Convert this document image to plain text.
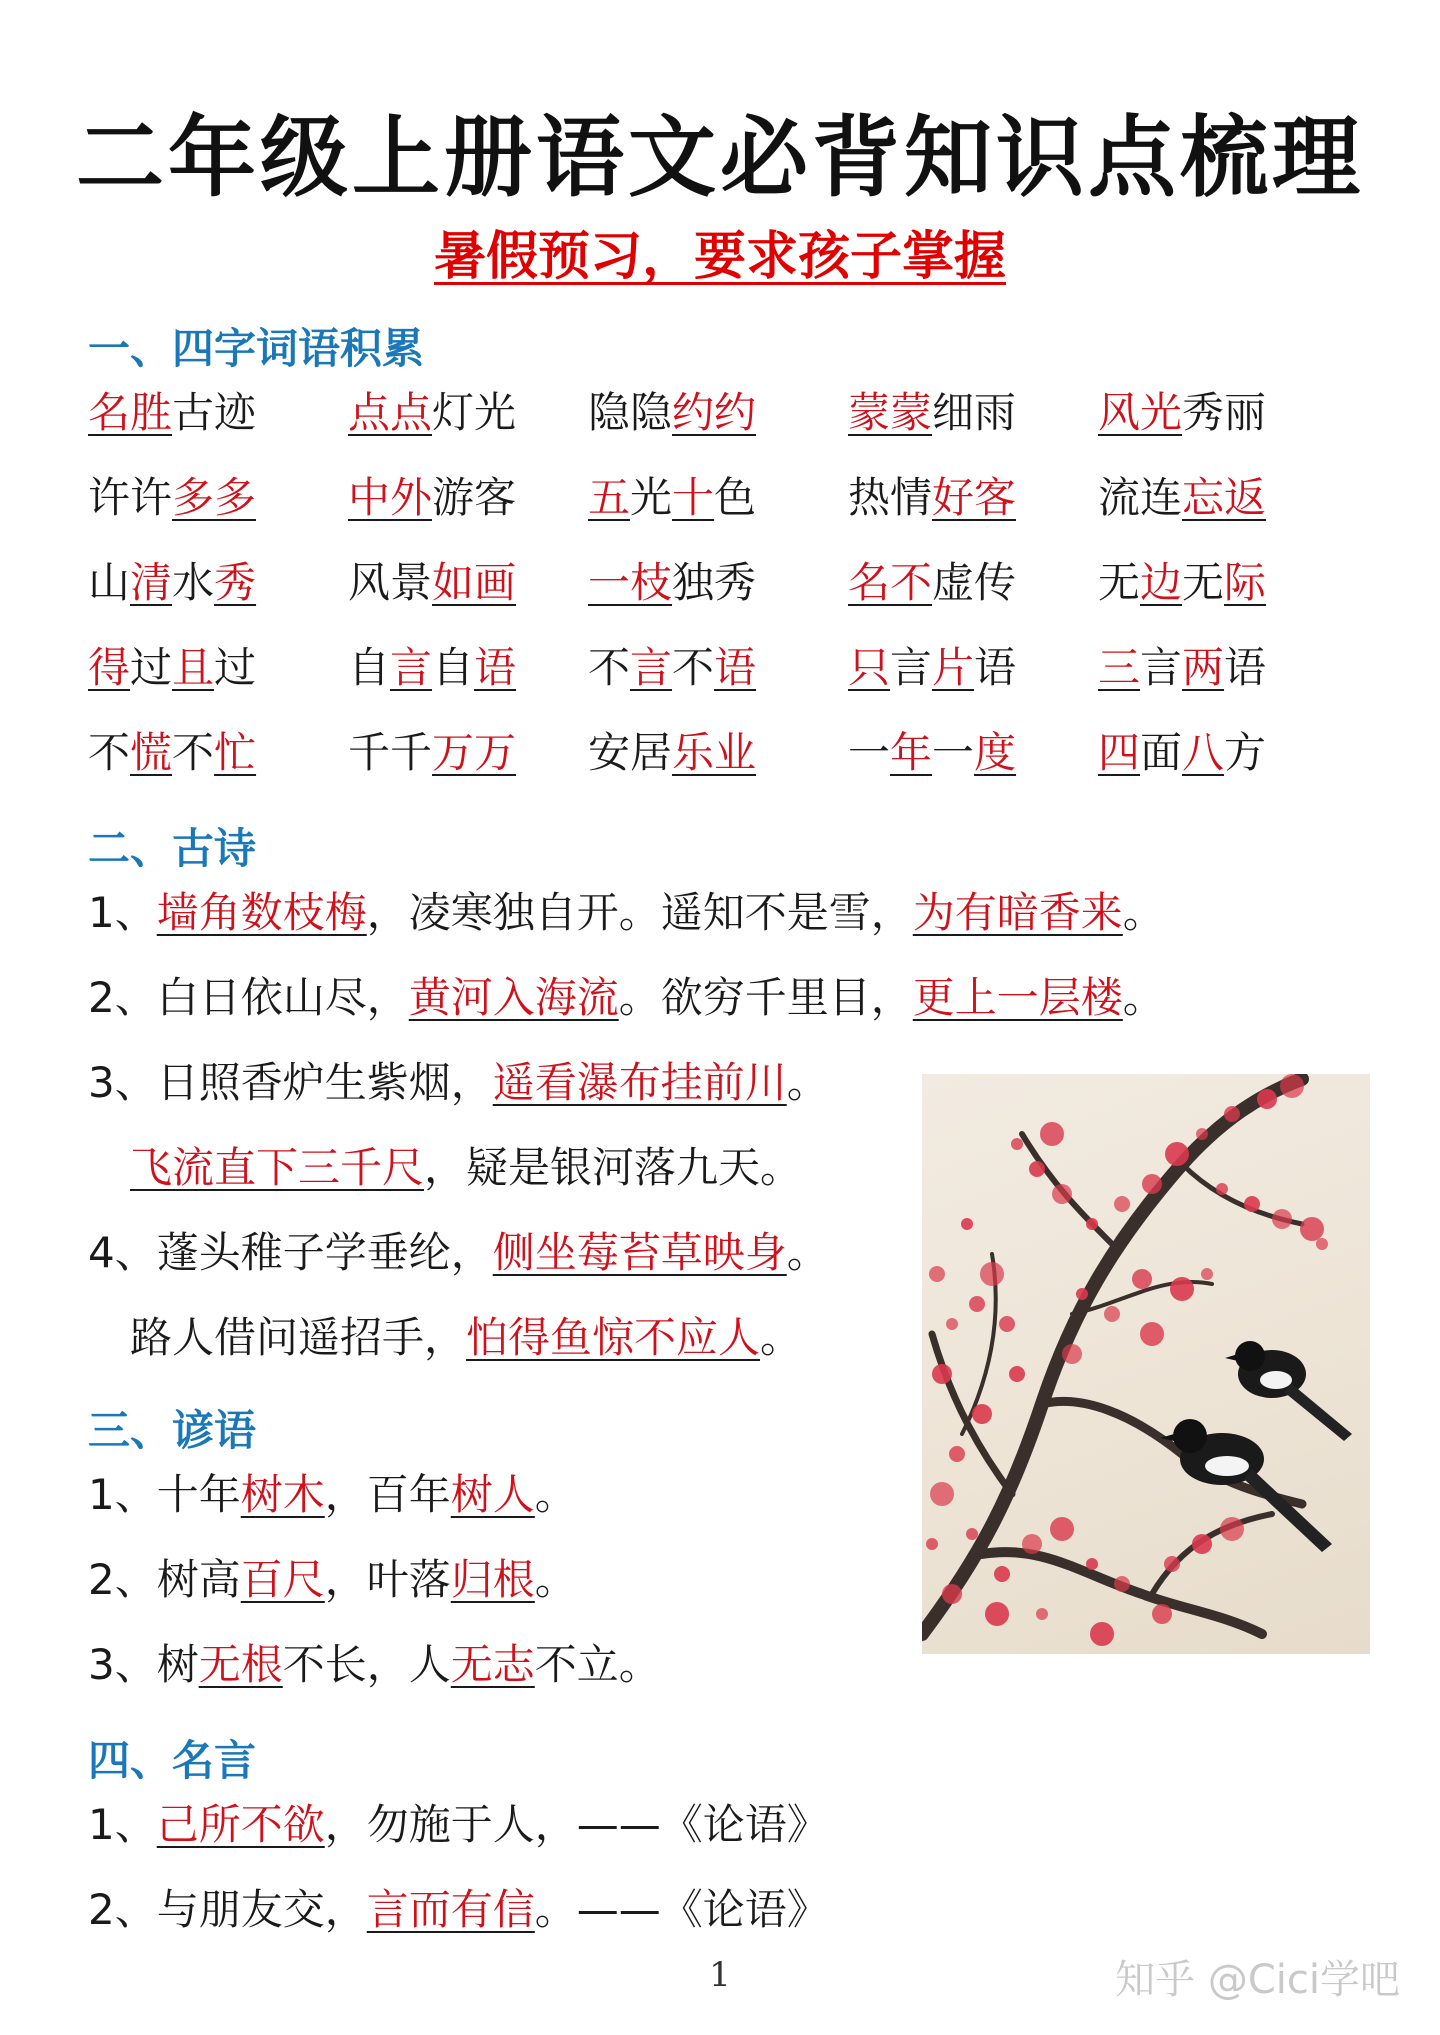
二年级上册语文必背知识点梳理
暑假预习，要求孩子掌握
一、四字词语积累
名胜古迹 点点灯光 隐隐约约 蒙蒙细雨 风光秀丽
许许多多 中外游客 五光十色 热情好客 流连忘返
山清水秀 风景如画 一枝独秀 名不虚传 无边无际
得过且过 自言自语 不言不语 只言片语 三言两语
不慌不忙 千千万万 安居乐业 一年一度 四面八方
二、古诗
1、墙角数枝梅，凌寒独自开。遥知不是雪，为有暗香来。
2、白日依山尽，黄河入海流。欲穷千里目，更上一层楼。
3、日照香炉生紫烟，遥看瀑布挂前川。
飞流直下三千尺，疑是银河落九天。
4、蓬头稚子学垂纶，侧坐莓苔草映身。
路人借问遥招手，怕得鱼惊不应人。
三、谚语
1、十年树木，百年树人。
2、树高百尺，叶落归根。
3、树无根不长，人无志不立。
四、名言
1、己所不欲，勿施于人，——《论语》
2、与朋友交，言而有信。——《论语》
1	知乎 @Cici学吧
